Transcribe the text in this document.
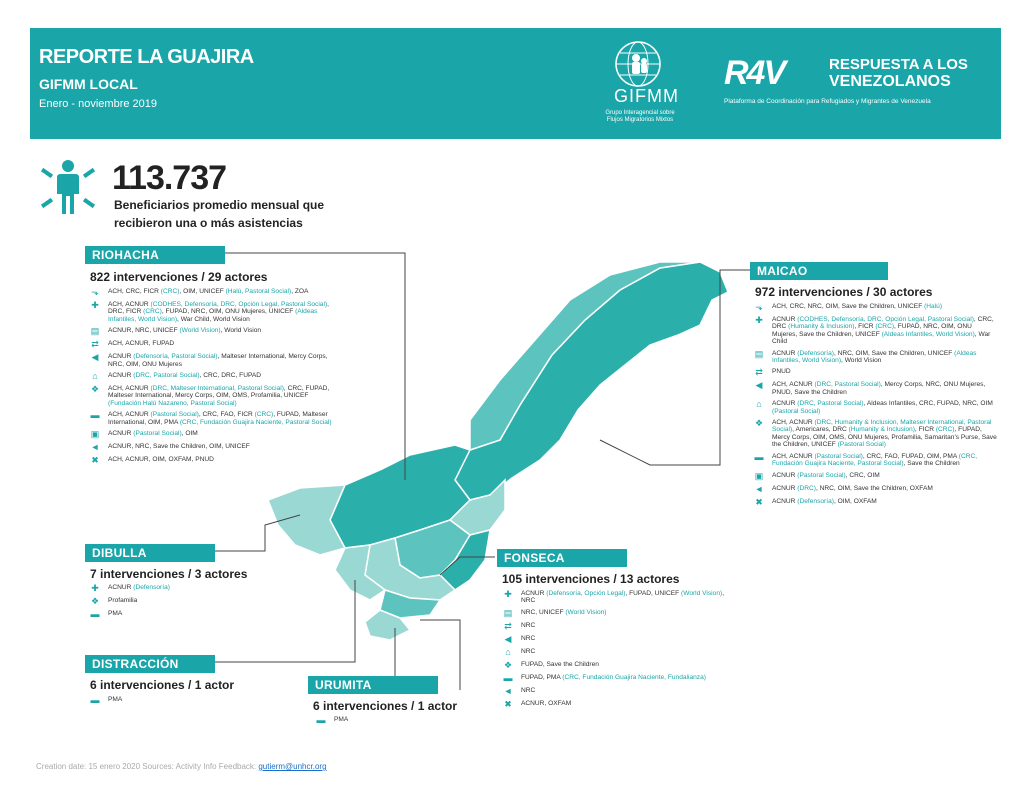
REPORTE LA GUAJIRA
GIFMM LOCAL
Enero - noviembre 2019	GIFMM
Grupo Interagencial sobre Flujos Migratorios Mixtos
R4V	RESPUESTA A LOS
VENEZOLANOS
Plataforma de Coordinación para Refugiados y Migrantes de Venezuela
113.737
Beneficiarios promedio mensual que
recibieron una o más asistencias
RIOHACHA
822 intervenciones / 29 actores
⬎	ACH, CRC, FICR (CRC), OIM, UNICEF (Halú, Pastoral Social), ZOA
✚	ACH, ACNUR (CODHES, Defensoría, DRC, Opción Legal, Pastoral Social), DRC, FICR (CRC), FUPAD, NRC, OIM, ONU Mujeres, UNICEF (Aldeas Infantiles, World Vision), War Child, World Vision
▤	ACNUR, NRC, UNICEF (World Vision), World Vision
⇄	ACH, ACNUR, FUPAD
◀	ACNUR (Defensoría, Pastoral Social), Malteser International, Mercy Corps, NRC, OIM, ONU Mujeres
⌂	ACNUR (DRC, Pastoral Social), CRC, DRC, FUPAD
❖	ACH, ACNUR (DRC, Malteser International, Pastoral Social), CRC, FUPAD, Malteser International, Mercy Corps, OIM, OMS, Profamilia, UNICEF (Fundación Halú Nazareno, Pastoral Social)
▬	ACH, ACNUR (Pastoral Social), CRC, FAO, FICR (CRC), FUPAD, Malteser International, OIM, PMA (CRC, Fundación Guajira Naciente, Pastoral Social)
▣	ACNUR (Pastoral Social), OIM
◄	ACNUR, NRC, Save the Children, OIM, UNICEF
✖	ACH, ACNUR, OIM, OXFAM, PNUD
DIBULLA
7 intervenciones / 3 actores
✚	ACNUR (Defensoría)
❖	Profamilia
▬	PMA
DISTRACCIÓN
6 intervenciones / 1 actor
▬	PMA
URUMITA
6 intervenciones / 1 actor
▬	PMA
FONSECA
105 intervenciones / 13 actores
✚	ACNUR (Defensoría, Opción Legal), FUPAD, UNICEF (World Vision), NRC
▤	NRC, UNICEF (World Vision)
⇄	NRC
◀	NRC
⌂	NRC
❖	FUPAD, Save the Children
▬	FUPAD, PMA (CRC, Fundación Guajira Naciente, Fundalianza)
◄	NRC
✖	ACNUR, OXFAM
MAICAO
972 intervenciones / 30 actores
⬎	ACH, CRC, NRC, OIM, Save the Children, UNICEF (Halú)
✚	ACNUR (CODHES, Defensoría, DRC, Opción Legal, Pastoral Social), CRC, DRC (Humanity & Inclusion), FICR (CRC), FUPAD, NRC, OIM, ONU Mujeres, Save the Children, UNICEF (Aldeas Infantiles, World Vision), War Child
▤	ACNUR (Defensoría), NRC, OIM, Save the Children, UNICEF (Aldeas Infantiles, World Vision), World Vision
⇄	PNUD
◀	ACH, ACNUR (DRC, Pastoral Social), Mercy Corps, NRC, ONU Mujeres, PNUD, Save the Children
⌂	ACNUR (DRC, Pastoral Social), Aldeas Infantiles, CRC, FUPAD, NRC, OIM (Pastoral Social)
❖	ACH, ACNUR (DRC, Humanity & Inclusion, Malteser International, Pastoral Social), Americares, DRC (Humanity & Inclusion), FICR (CRC), FUPAD, Mercy Corps, OIM, OMS, ONU Mujeres, Profamilia, Samaritan's Purse, Save the Children, UNICEF (Pastoral Social)
▬	ACH, ACNUR (Pastoral Social), CRC, FAO, FUPAD, OIM, PMA (CRC, Fundación Guajira Naciente, Pastoral Social), Save the Children
▣	ACNUR (Pastoral Social), CRC, OIM
◄	ACNUR (DRC), NRC, OIM, Save the Children, OXFAM
✖	ACNUR (Defensoría), OIM, OXFAM
Creation date: 15 enero 2020 Sources: Activity Info Feedback: gutierm@unhcr.org
